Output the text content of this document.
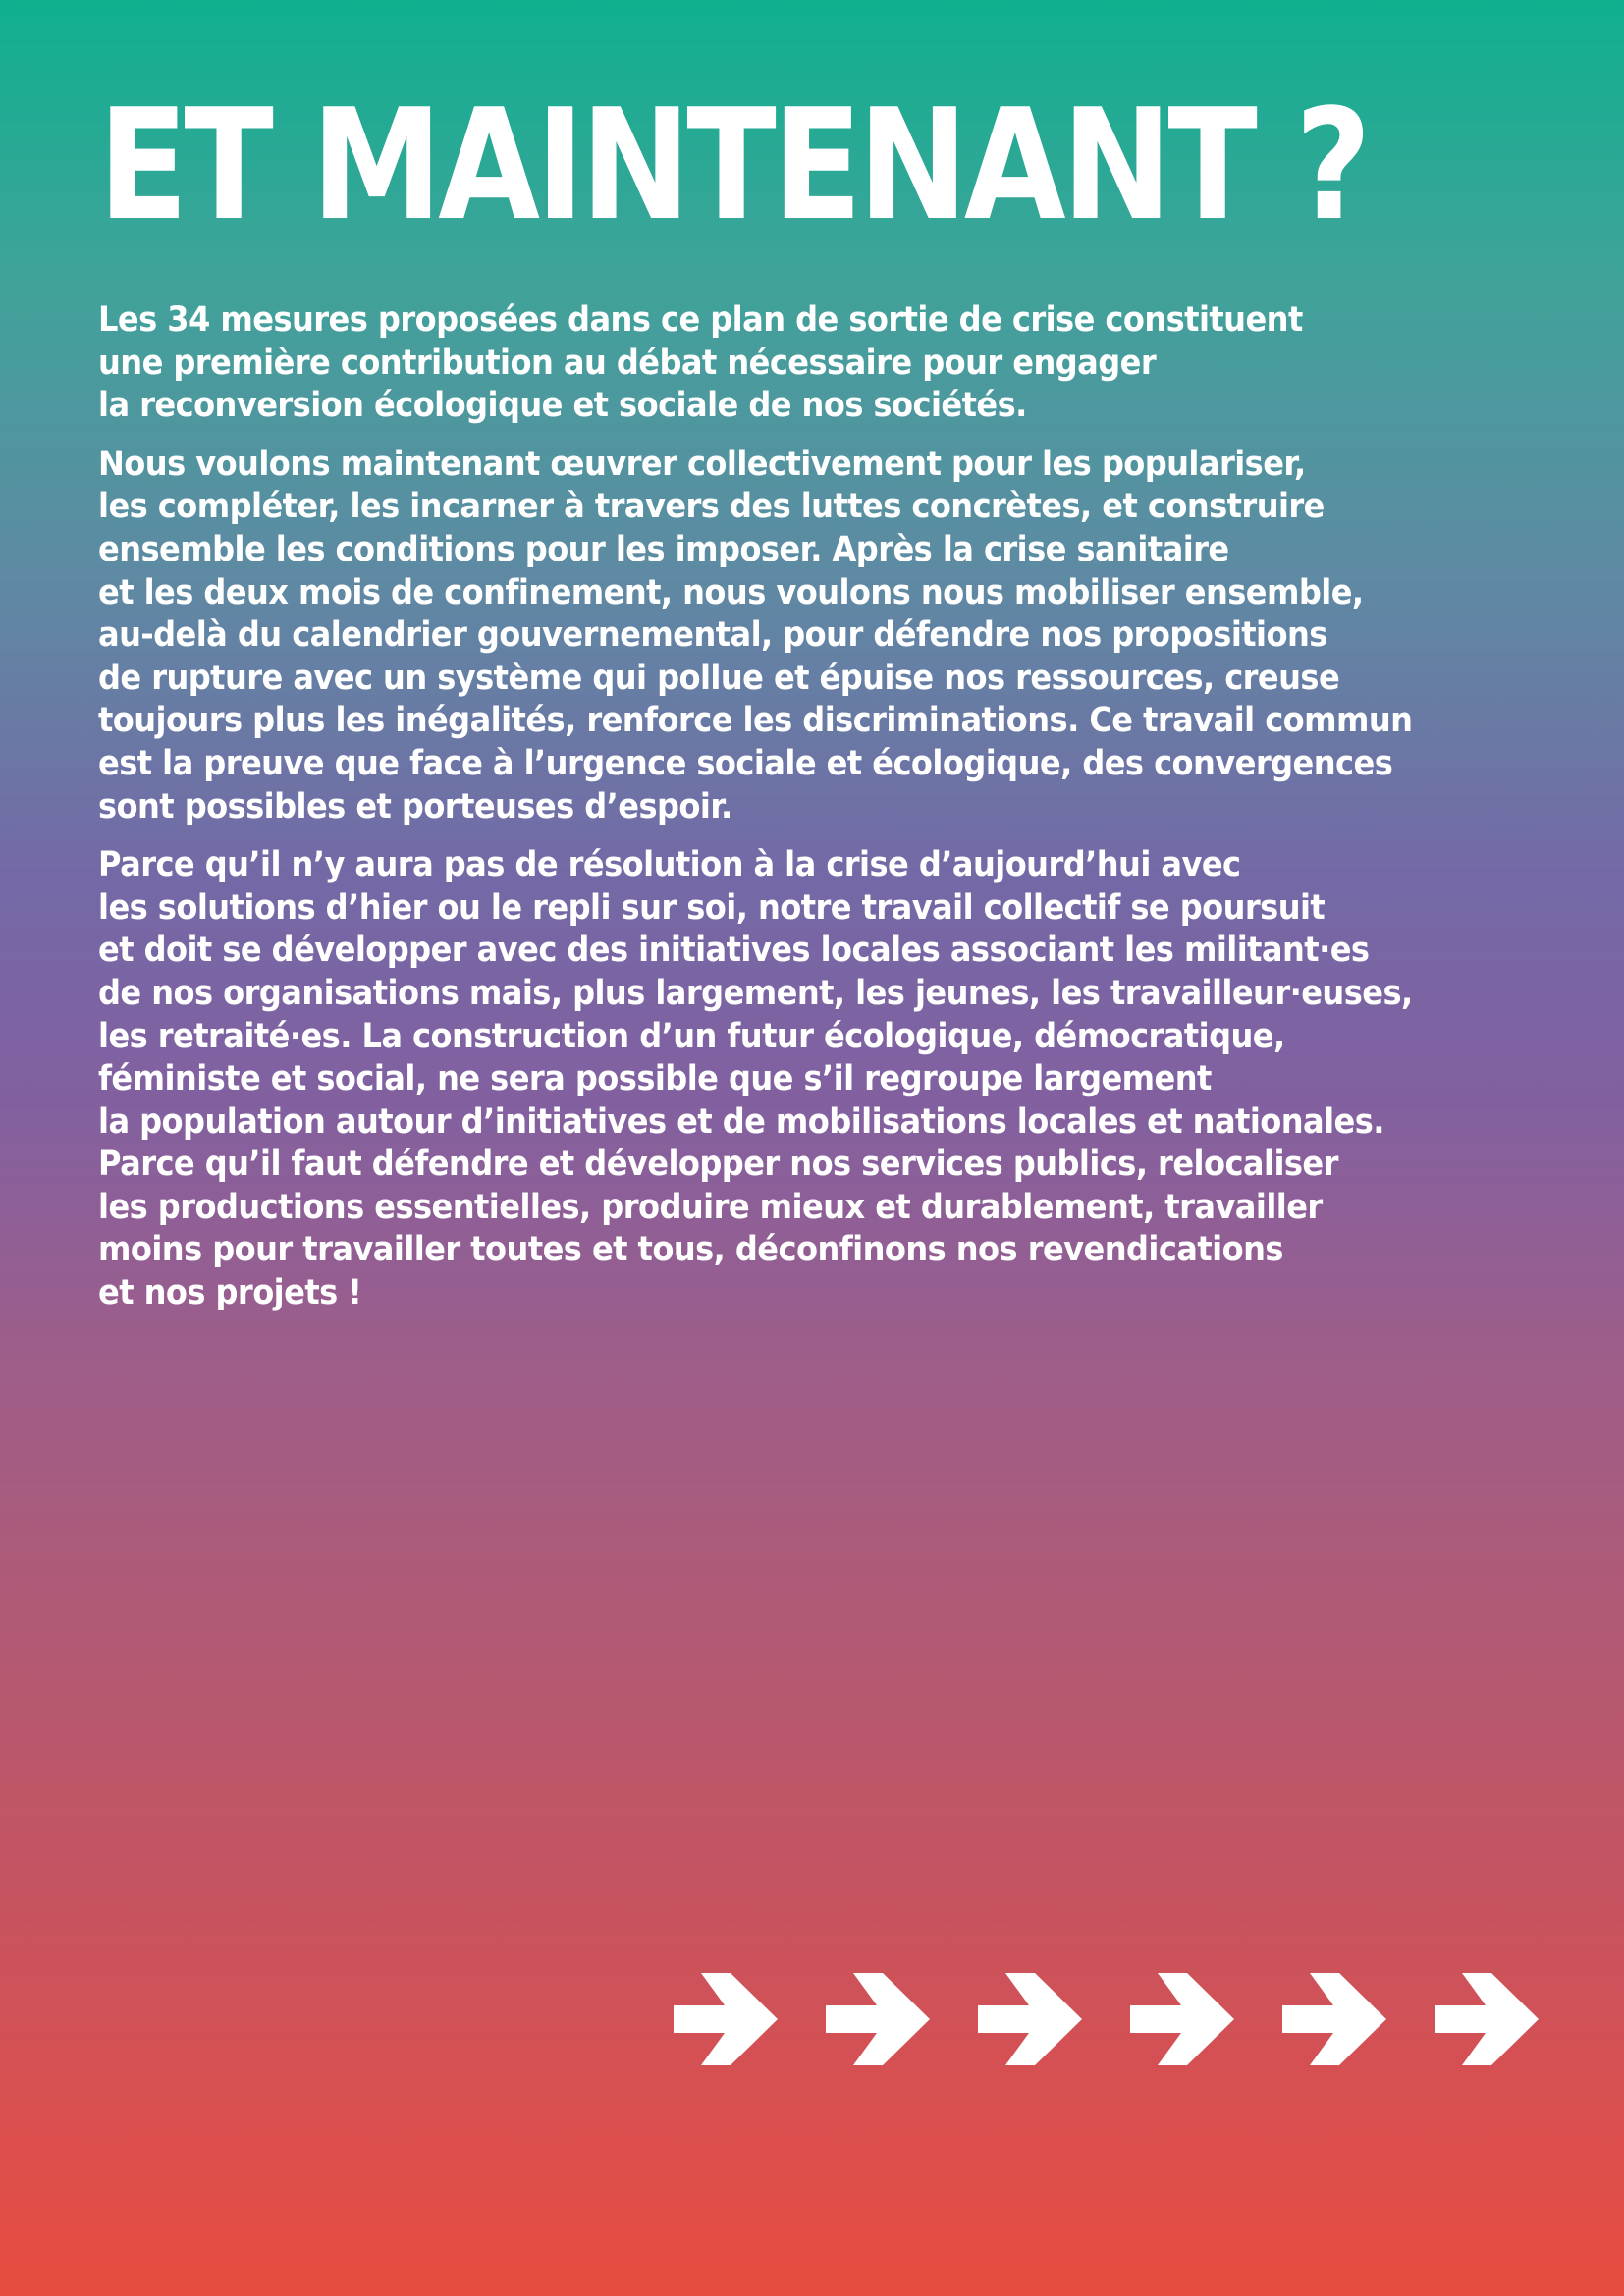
ET MAINTENANT ?

Les 34 mesures proposées dans ce plan de sortie de crise constituent
une première contribution au débat nécessaire pour engager
la reconversion écologique et sociale de nos sociétés.

Nous voulons maintenant œuvrer collectivement pour les populariser,
les compléter, les incarner à travers des luttes concrètes, et construire
ensemble les conditions pour les imposer. Après la crise sanitaire
et les deux mois de confinement, nous voulons nous mobiliser ensemble,
au-delà du calendrier gouvernemental, pour défendre nos propositions
de rupture avec un système qui pollue et épuise nos ressources, creuse
toujours plus les inégalités, renforce les discriminations. Ce travail commun
est la preuve que face à l’urgence sociale et écologique, des convergences
sont possibles et porteuses d’espoir.

Parce qu’il n’y aura pas de résolution à la crise d’aujourd’hui avec
les solutions d’hier ou le repli sur soi, notre travail collectif se poursuit
et doit se développer avec des initiatives locales associant les militant·es
de nos organisations mais, plus largement, les jeunes, les travailleur·euses,
les retraité·es. La construction d’un futur écologique, démocratique,
féministe et social, ne sera possible que s’il regroupe largement
la population autour d’initiatives et de mobilisations locales et nationales.
Parce qu’il faut défendre et développer nos services publics, relocaliser
les productions essentielles, produire mieux et durablement, travailler
moins pour travailler toutes et tous, déconfinons nos revendications
et nos projets !
